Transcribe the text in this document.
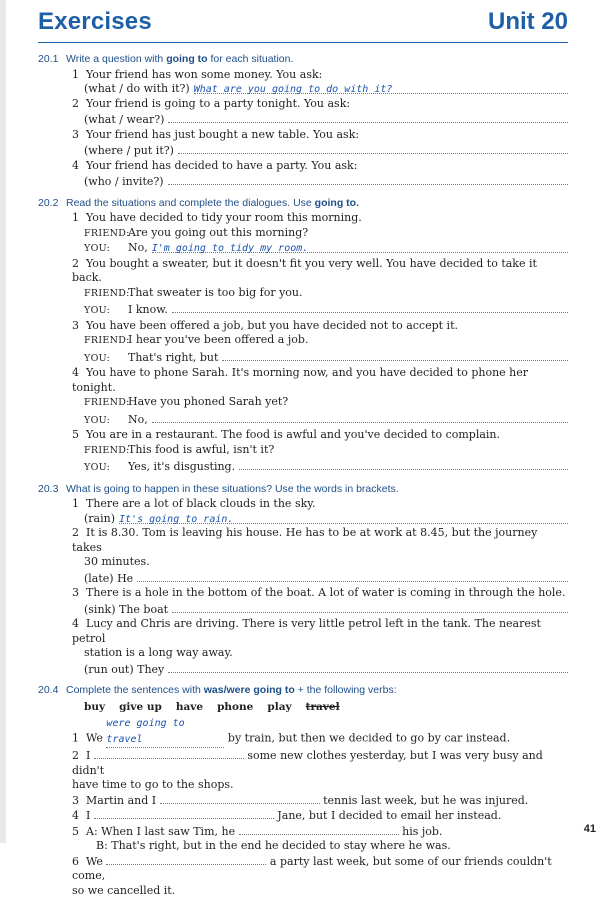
Exercises	Unit 20
20.1 Write a question with going to for each situation.
1 Your friend has won some money. You ask:
(what / do with it?) What are you going to do with it?
2 Your friend is going to a party tonight. You ask:
(what / wear?)
3 Your friend has just bought a new table. You ask:
(where / put it?)
4 Your friend has decided to have a party. You ask:
(who / invite?)
20.2 Read the situations and complete the dialogues. Use going to.
1 You have decided to tidy your room this morning.
FRIEND:
Are you going out this morning?
YOU:	No, I'm going to tidy my room.
2 You bought a sweater, but it doesn't fit you very well. You have decided to take it back.
FRIEND:
That sweater is too big for you.
YOU:	I know.
3 You have been offered a job, but you have decided not to accept it.
FRIEND:
I hear you've been offered a job.
YOU:	That's right, but
4 You have to phone Sarah. It's morning now, and you have decided to phone her tonight.
FRIEND:
Have you phoned Sarah yet?
YOU:	No,
5 You are in a restaurant. The food is awful and you've decided to complain.
FRIEND:
This food is awful, isn't it?
YOU:	Yes, it's disgusting.
20.3 What is going to happen in these situations? Use the words in brackets.
1 There are a lot of black clouds in the sky.
(rain) It's going to rain.
2 It is 8.30. Tom is leaving his house. He has to be at work at 8.45, but the journey takes
30 minutes.
(late) He
3 There is a hole in the bottom of the boat. A lot of water is coming in through the hole.
(sink) The boat
4 Lucy and Chris are driving. There is very little petrol left in the tank. The nearest petrol
station is a long way away.
(run out) They
20.4 Complete the sentences with was/were going to + the following verbs:
buy give up have phone play travel
1 We were going to travel	by train, but then we decided to go by car instead.
2 I	some new clothes yesterday, but I was very busy and didn't
have time to go to the shops.
3 Martin and I	tennis last week, but he was injured.
4 I	Jane, but I decided to email her instead.
5 A: When I last saw Tim, he	his job.
B: That's right, but in the end he decided to stay where he was.
6 We	a party last week, but some of our friends couldn't come,
so we cancelled it.
41
